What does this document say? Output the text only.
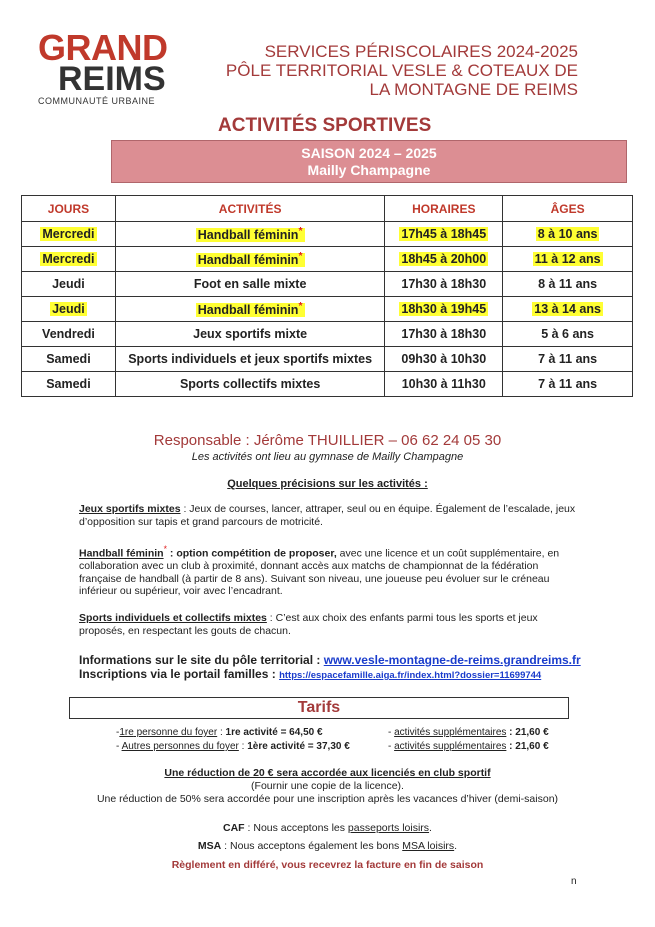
GRAND
REIMS
COMMUNAUTÉ URBAINE
SERVICES PÉRISCOLAIRES 2024-2025
PÔLE TERRITORIAL VESLE & COTEAUX DE
LA MONTAGNE DE REIMS
ACTIVITÉS SPORTIVES
SAISON 2024 – 2025
Mailly Champagne
JOURS	ACTIVITÉS	HORAIRES	ÂGES
Mercredi	Handball féminin*	17h45 à 18h45	8 à 10 ans
Mercredi	Handball féminin*	18h45 à 20h00	11 à 12 ans
Jeudi	Foot en salle mixte	17h30 à 18h30	8 à 11 ans
Jeudi	Handball féminin*	18h30 à 19h45	13 à 14 ans
Vendredi	Jeux sportifs mixte	17h30 à 18h30	5 à 6 ans
Samedi	Sports individuels et jeux sportifs mixtes	09h30 à 10h30	7 à 11 ans
Samedi	Sports collectifs mixtes	10h30 à 11h30	7 à 11 ans
Responsable : Jérôme THUILLIER – 06 62 24 05 30
Les activités ont lieu au gymnase de Mailly Champagne
Quelques précisions sur les activités :
Jeux sportifs mixtes : Jeux de courses, lancer, attraper, seul ou en équipe. Également de l’escalade, jeux d’opposition sur tapis et grand parcours de motricité.
Handball féminin* : option compétition de proposer, avec une licence et un coût supplémentaire, en collaboration avec un club à proximité, donnant accès aux matchs de championnat de la fédération française de handball (à partir de 8 ans). Suivant son niveau, une joueuse peu évoluer sur le créneau inférieur ou supérieur, voir avec l’encadrant.
Sports individuels et collectifs mixtes : C’est aux choix des enfants parmi tous les sports et jeux proposés, en respectant les gouts de chacun.
Informations sur le site du pôle territorial : www.vesle-montagne-de-reims.grandreims.fr
Inscriptions via le portail familles : https://espacefamille.aiga.fr/index.html?dossier=11699744
Tarifs
-1re personne du foyer : 1re activité = 64,50 €	- activités supplémentaires : 21,60 €
- Autres personnes du foyer : 1ère activité = 37,30 €	- activités supplémentaires : 21,60 €
Une réduction de 20 € sera accordée aux licenciés en club sportif
(Fournir une copie de la licence).
Une réduction de 50% sera accordée pour une inscription après les vacances d’hiver (demi-saison)
CAF : Nous acceptons les passeports loisirs.
MSA : Nous acceptons également les bons MSA loisirs.
Règlement en différé, vous recevrez la facture en fin de saison
n
